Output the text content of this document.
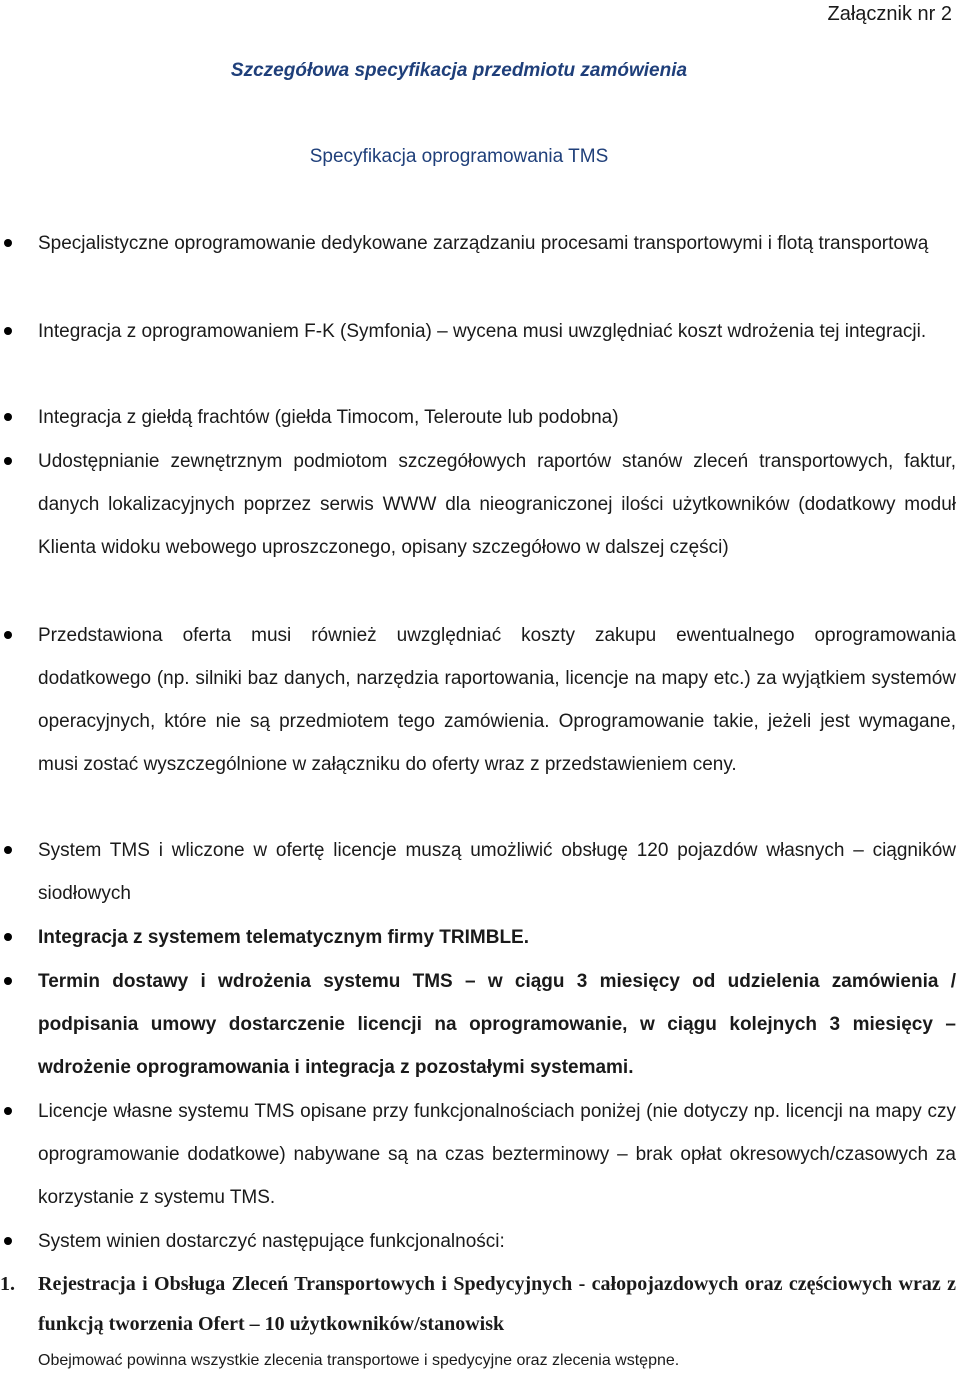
Załącznik nr 2
Szczegółowa specyfikacja przedmiotu zamówienia
Specyfikacja oprogramowania TMS
Specjalistyczne oprogramowanie dedykowane zarządzaniu procesami transportowymi i flotą transportową
Integracja z oprogramowaniem F-K (Symfonia) – wycena musi uwzględniać koszt wdrożenia tej integracji.
Integracja z giełdą frachtów (giełda Timocom, Teleroute lub podobna)
Udostępnianie zewnętrznym podmiotom szczegółowych raportów stanów zleceń transportowych, faktur, danych lokalizacyjnych poprzez serwis WWW dla nieograniczonej ilości użytkowników (dodatkowy moduł Klienta widoku webowego uproszczonego, opisany szczegółowo w dalszej części)
Przedstawiona oferta musi również uwzględniać koszty zakupu ewentualnego oprogramowania dodatkowego (np. silniki baz danych, narzędzia raportowania, licencje na mapy etc.) za wyjątkiem systemów operacyjnych, które nie są przedmiotem tego zamówienia. Oprogramowanie takie, jeżeli jest wymagane, musi zostać wyszczególnione w załączniku do oferty wraz z przedstawieniem ceny.
System TMS i wliczone w ofertę licencje muszą umożliwić obsługę 120 pojazdów własnych – ciągników siodłowych
Integracja z systemem telematycznym firmy TRIMBLE.
Termin dostawy i wdrożenia systemu TMS – w ciągu 3 miesięcy od udzielenia zamówienia / podpisania umowy dostarczenie licencji na oprogramowanie, w ciągu kolejnych 3 miesięcy – wdrożenie oprogramowania i integracja z pozostałymi systemami.
Licencje własne systemu TMS opisane przy funkcjonalnościach poniżej (nie dotyczy np. licencji na mapy czy oprogramowanie dodatkowe) nabywane są na czas bezterminowy – brak opłat okresowych/czasowych za korzystanie z systemu TMS.
System winien dostarczyć następujące funkcjonalności:
1. Rejestracja i Obsługa Zleceń Transportowych i Spedycyjnych - całopojazdowych oraz częściowych wraz z funkcją tworzenia Ofert – 10 użytkowników/stanowisk
Obejmować powinna wszystkie zlecenia transportowe i spedycyjne oraz zlecenia wstępne.
